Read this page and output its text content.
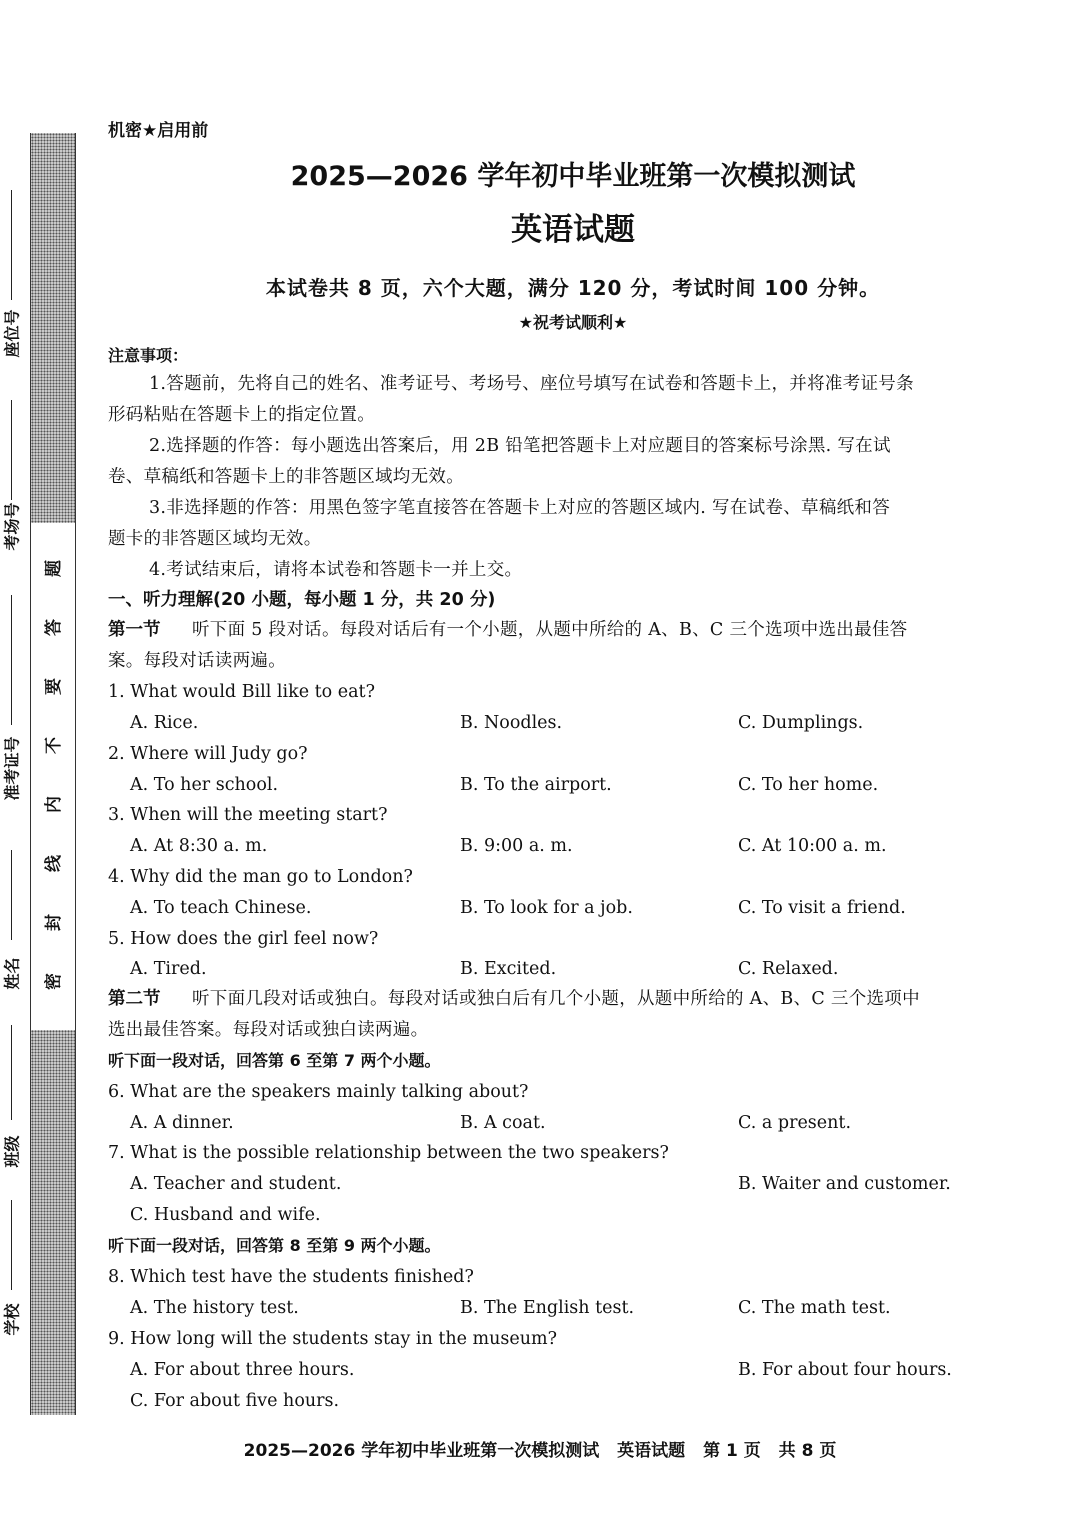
题
答
要
不
内
线
封
密
座位号
考场号
准考证号
姓名
班级
学校
机密★启用前
2025—2026 学年初中毕业班第一次模拟测试
英语试题
本试卷共 8 页，六个大题，满分 120 分，考试时间 100 分钟。
★祝考试顺利★
注意事项：
1.答题前，先将自己的姓名、准考证号、考场号、座位号填写在试卷和答题卡上，并将准考证号条
形码粘贴在答题卡上的指定位置。
2.选择题的作答：每小题选出答案后，用 2B 铅笔把答题卡上对应题目的答案标号涂黑. 写在试
卷、草稿纸和答题卡上的非答题区域均无效。
3.非选择题的作答：用黑色签字笔直接答在答题卡上对应的答题区域内. 写在试卷、草稿纸和答
题卡的非答题区域均无效。
4.考试结束后，请将本试卷和答题卡一并上交。
一、听力理解(20 小题，每小题 1 分，共 20 分)
第一节 听下面 5 段对话。每段对话后有一个小题，从题中所给的 A、B、C 三个选项中选出最佳答
案。每段对话读两遍。
1. What would Bill like to eat?
A. Rice.	B. Noodles.	C. Dumplings.
2. Where will Judy go?
A. To her school.	B. To the airport.	C. To her home.
3. When will the meeting start?
A. At 8:30 a. m.	B. 9:00 a. m.	C. At 10:00 a. m.
4. Why did the man go to London?
A. To teach Chinese.	B. To look for a job.	C. To visit a friend.
5. How does the girl feel now?
A. Tired.	B. Excited.	C. Relaxed.
第二节 听下面几段对话或独白。每段对话或独白后有几个小题，从题中所给的 A、B、C 三个选项中
选出最佳答案。每段对话或独白读两遍。
听下面一段对话，回答第 6 至第 7 两个小题。
6. What are the speakers mainly talking about?
A. A dinner.	B. A coat.	C. a present.
7. What is the possible relationship between the two speakers?
A. Teacher and student.	B. Waiter and customer.
C. Husband and wife.
听下面一段对话，回答第 8 至第 9 两个小题。
8. Which test have the students finished?
A. The history test.	B. The English test.	C. The math test.
9. How long will the students stay in the museum?
A. For about three hours.	B. For about four hours.
C. For about five hours.
2025—2026 学年初中毕业班第一次模拟测试 英语试题 第 1 页 共 8 页
